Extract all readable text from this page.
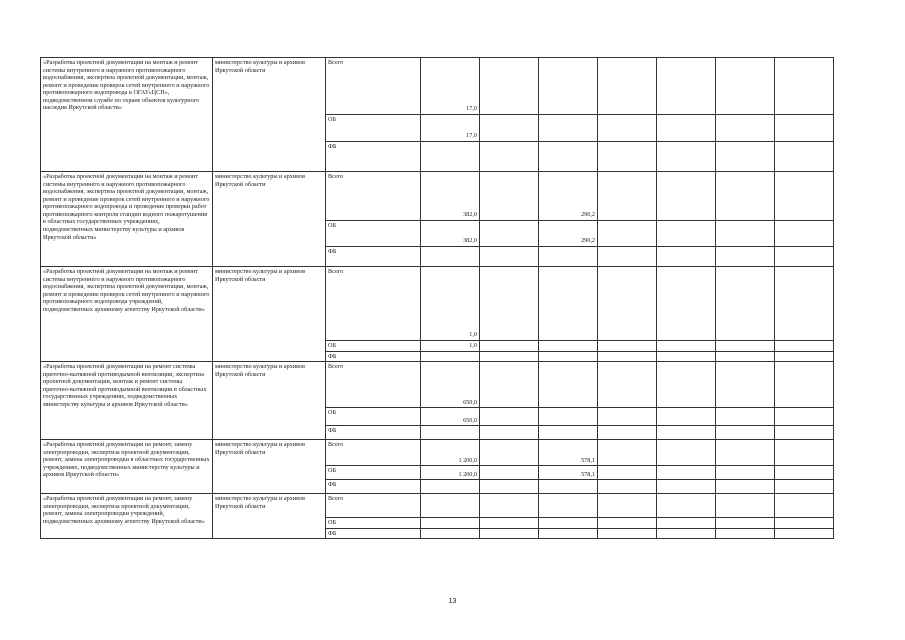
«Разработка проектной документации на монтаж и ремонт системы внутреннего и наружного противопожарного водоснабжения, экспертиза проектной документации, монтаж, ремонт и проведение проверок сетей внутреннего и наружного противопожарного водопровода в ОГАУ«ЦСН», подведомственном службе по охране объектов культурного наследия Иркутской области»	министерство культуры и архивов Иркутской области	Всего	17,0						
		ОБ	17,0						
		ФБ							
«Разработка проектной документации на монтаж и ремонт системы внутреннего и наружного противопожарного водоснабжения, экспертиза проектной документации, монтаж, ремонт и проведение проверок сетей внутреннего и наружного противопожарного водопровода и проведение проверки работ противопожарного контроля стандин водного пожаротушения в областных государственных учреждениях, подведомственных министерству культуры и архивов Иркутской области»	министерство культуры и архивов Иркутской области	Всего	382,0		290,2				
		ОБ	382,0		290,2				
		ФБ							
«Разработка проектной документации на монтаж и ремонт системы внутреннего и наружного противопожарного водоснабжения, экспертиза проектной документации, монтаж, ремонт и проведение проверок сетей внутреннего и наружного противопожарного водопровода учреждений, подведомственных архивному агентству Иркутской области»	министерство культуры и архивов Иркутской области	Всего	1,0						
		ОБ	1,0						
		ФБ							
«Разработка проектной документации на ремонт системы приточно-вытяжной противодымной вентиляции, экспертиза проектной документации, монтаж и ремонт системы приточно-вытяжной противодымной вентиляции в областных государственных учреждениях, подведомственных министерству культуры и архивов Иркутской области»	министерство культуры и архивов Иркутской области	Всего	650,0						
		ОБ	650,0						
		ФБ							
«Разработка проектной документации на ремонт, замену электропроводки, экспертиза проектной документации, ремонт, замена электропроводки в областных государственных учреждениях, подведомственных министерству культуры и архивов Иркутской области»	министерство культуры и архивов Иркутской области	Всего	1 200,0		578,1				
		ОБ	1 200,0		578,1				
		ФБ							
«Разработка проектной документации на ремонт, замену электропроводки, экспертиза проектной документации, ремонт, замена электропроводки учреждений, подведомственных архивному агентству Иркутской области»	министерство культуры и архивов Иркутской области	Всего							
		ОБ							
		ФБ							
13
